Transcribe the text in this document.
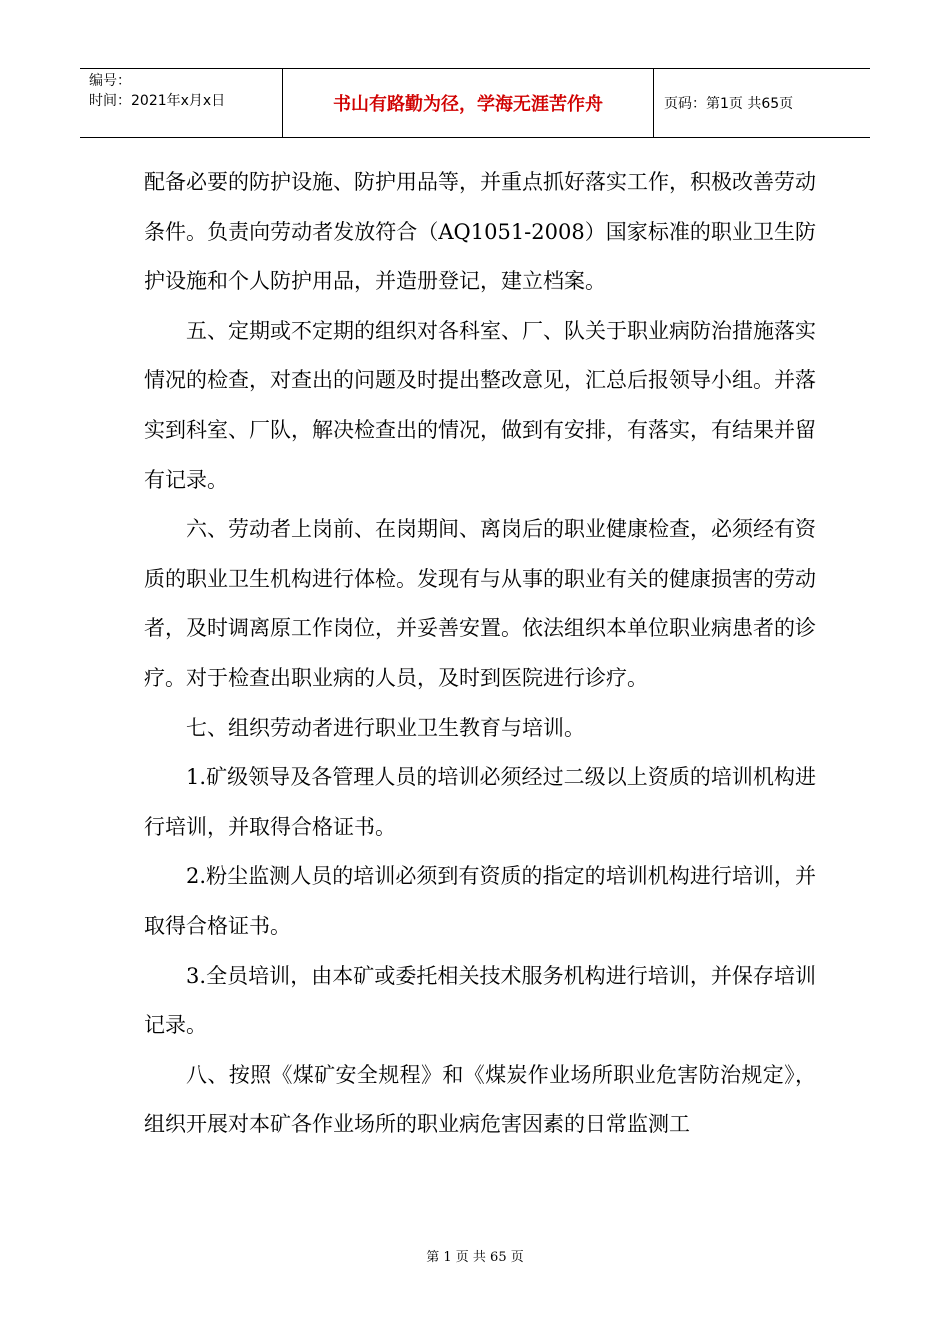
编号：
时间：2021年x月x日	书山有路勤为径，学海无涯苦作舟	页码：第1页 共65页

配备必要的防护设施、防护用品等，并重点抓好落实工作，积极改善劳动条件。负责向劳动者发放符合（AQ1051-2008）国家标准的职业卫生防护设施和个人防护用品，并造册登记，建立档案。

五、定期或不定期的组织对各科室、厂、队关于职业病防治措施落实情况的检查，对查出的问题及时提出整改意见，汇总后报领导小组。并落实到科室、厂队，解决检查出的情况，做到有安排，有落实，有结果并留有记录。

六、劳动者上岗前、在岗期间、离岗后的职业健康检查，必须经有资质的职业卫生机构进行体检。发现有与从事的职业有关的健康损害的劳动者，及时调离原工作岗位，并妥善安置。依法组织本单位职业病患者的诊疗。对于检查出职业病的人员，及时到医院进行诊疗。

七、组织劳动者进行职业卫生教育与培训。

1.矿级领导及各管理人员的培训必须经过二级以上资质的培训机构进行培训，并取得合格证书。

2.粉尘监测人员的培训必须到有资质的指定的培训机构进行培训，并取得合格证书。

3.全员培训，由本矿或委托相关技术服务机构进行培训，并保存培训记录。

八、按照《煤矿安全规程》和《煤炭作业场所职业危害防治规定》，组织开展对本矿各作业场所的职业病危害因素的日常监测工

第 1 页 共 65 页
